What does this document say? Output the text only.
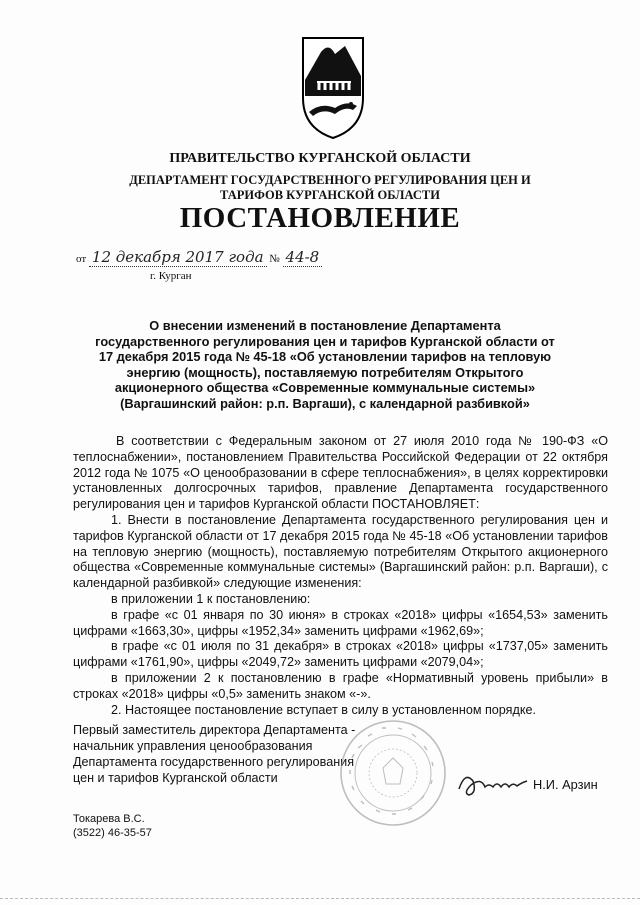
ПРАВИТЕЛЬСТВО КУРГАНСКОЙ ОБЛАСТИ
ДЕПАРТАМЕНТ ГОСУДАРСТВЕННОГО РЕГУЛИРОВАНИЯ ЦЕН И ТАРИФОВ КУРГАНСКОЙ ОБЛАСТИ
ПОСТАНОВЛЕНИЕ
от 12 декабря 2017 года № 44-8
г. Курган
О внесении изменений в постановление Департамента государственного регулирования цен и тарифов Курганской области от 17 декабря 2015 года № 45-18 «Об установлении тарифов на тепловую энергию (мощность), поставляемую потребителям Открытого акционерного общества «Современные коммунальные системы» (Варгашинский район: р.п. Варгаши), с календарной разбивкой»

В соответствии с Федеральным законом от 27 июля 2010 года № 190-ФЗ «О теплоснабжении», постановлением Правительства Российской Федерации от 22 октября 2012 года № 1075 «О ценообразовании в сфере теплоснабжения», в целях корректировки установленных долгосрочных тарифов, правление Департамента государственного регулирования цен и тарифов Курганской области ПОСТАНОВЛЯЕТ:

1. Внести в постановление Департамента государственного регулирования цен и тарифов Курганской области от 17 декабря 2015 года № 45-18 «Об установлении тарифов на тепловую энергию (мощность), поставляемую потребителям Открытого акционерного общества «Современные коммунальные системы» (Варгашинский район: р.п. Варгаши), с календарной разбивкой» следующие изменения:

в приложении 1 к постановлению:

в графе «с 01 января по 30 июня» в строках «2018» цифры «1654,53» заменить цифрами «1663,30», цифры «1952,34» заменить цифрами «1962,69»;

в графе «с 01 июля по 31 декабря» в строках «2018» цифры «1737,05» заменить цифрами «1761,90», цифры «2049,72» заменить цифрами «2079,04»;

в приложении 2 к постановлению в графе «Нормативный уровень прибыли» в строках «2018» цифры «0,5» заменить знаком «-».

2. Настоящее постановление вступает в силу в установленном порядке.

Первый заместитель директора Департамента -
начальник управления ценообразования
Департамента государственного регулирования
цен и тарифов Курганской области	Н.И. Арзин
Токарева В.С.
(3522) 46-35-57
